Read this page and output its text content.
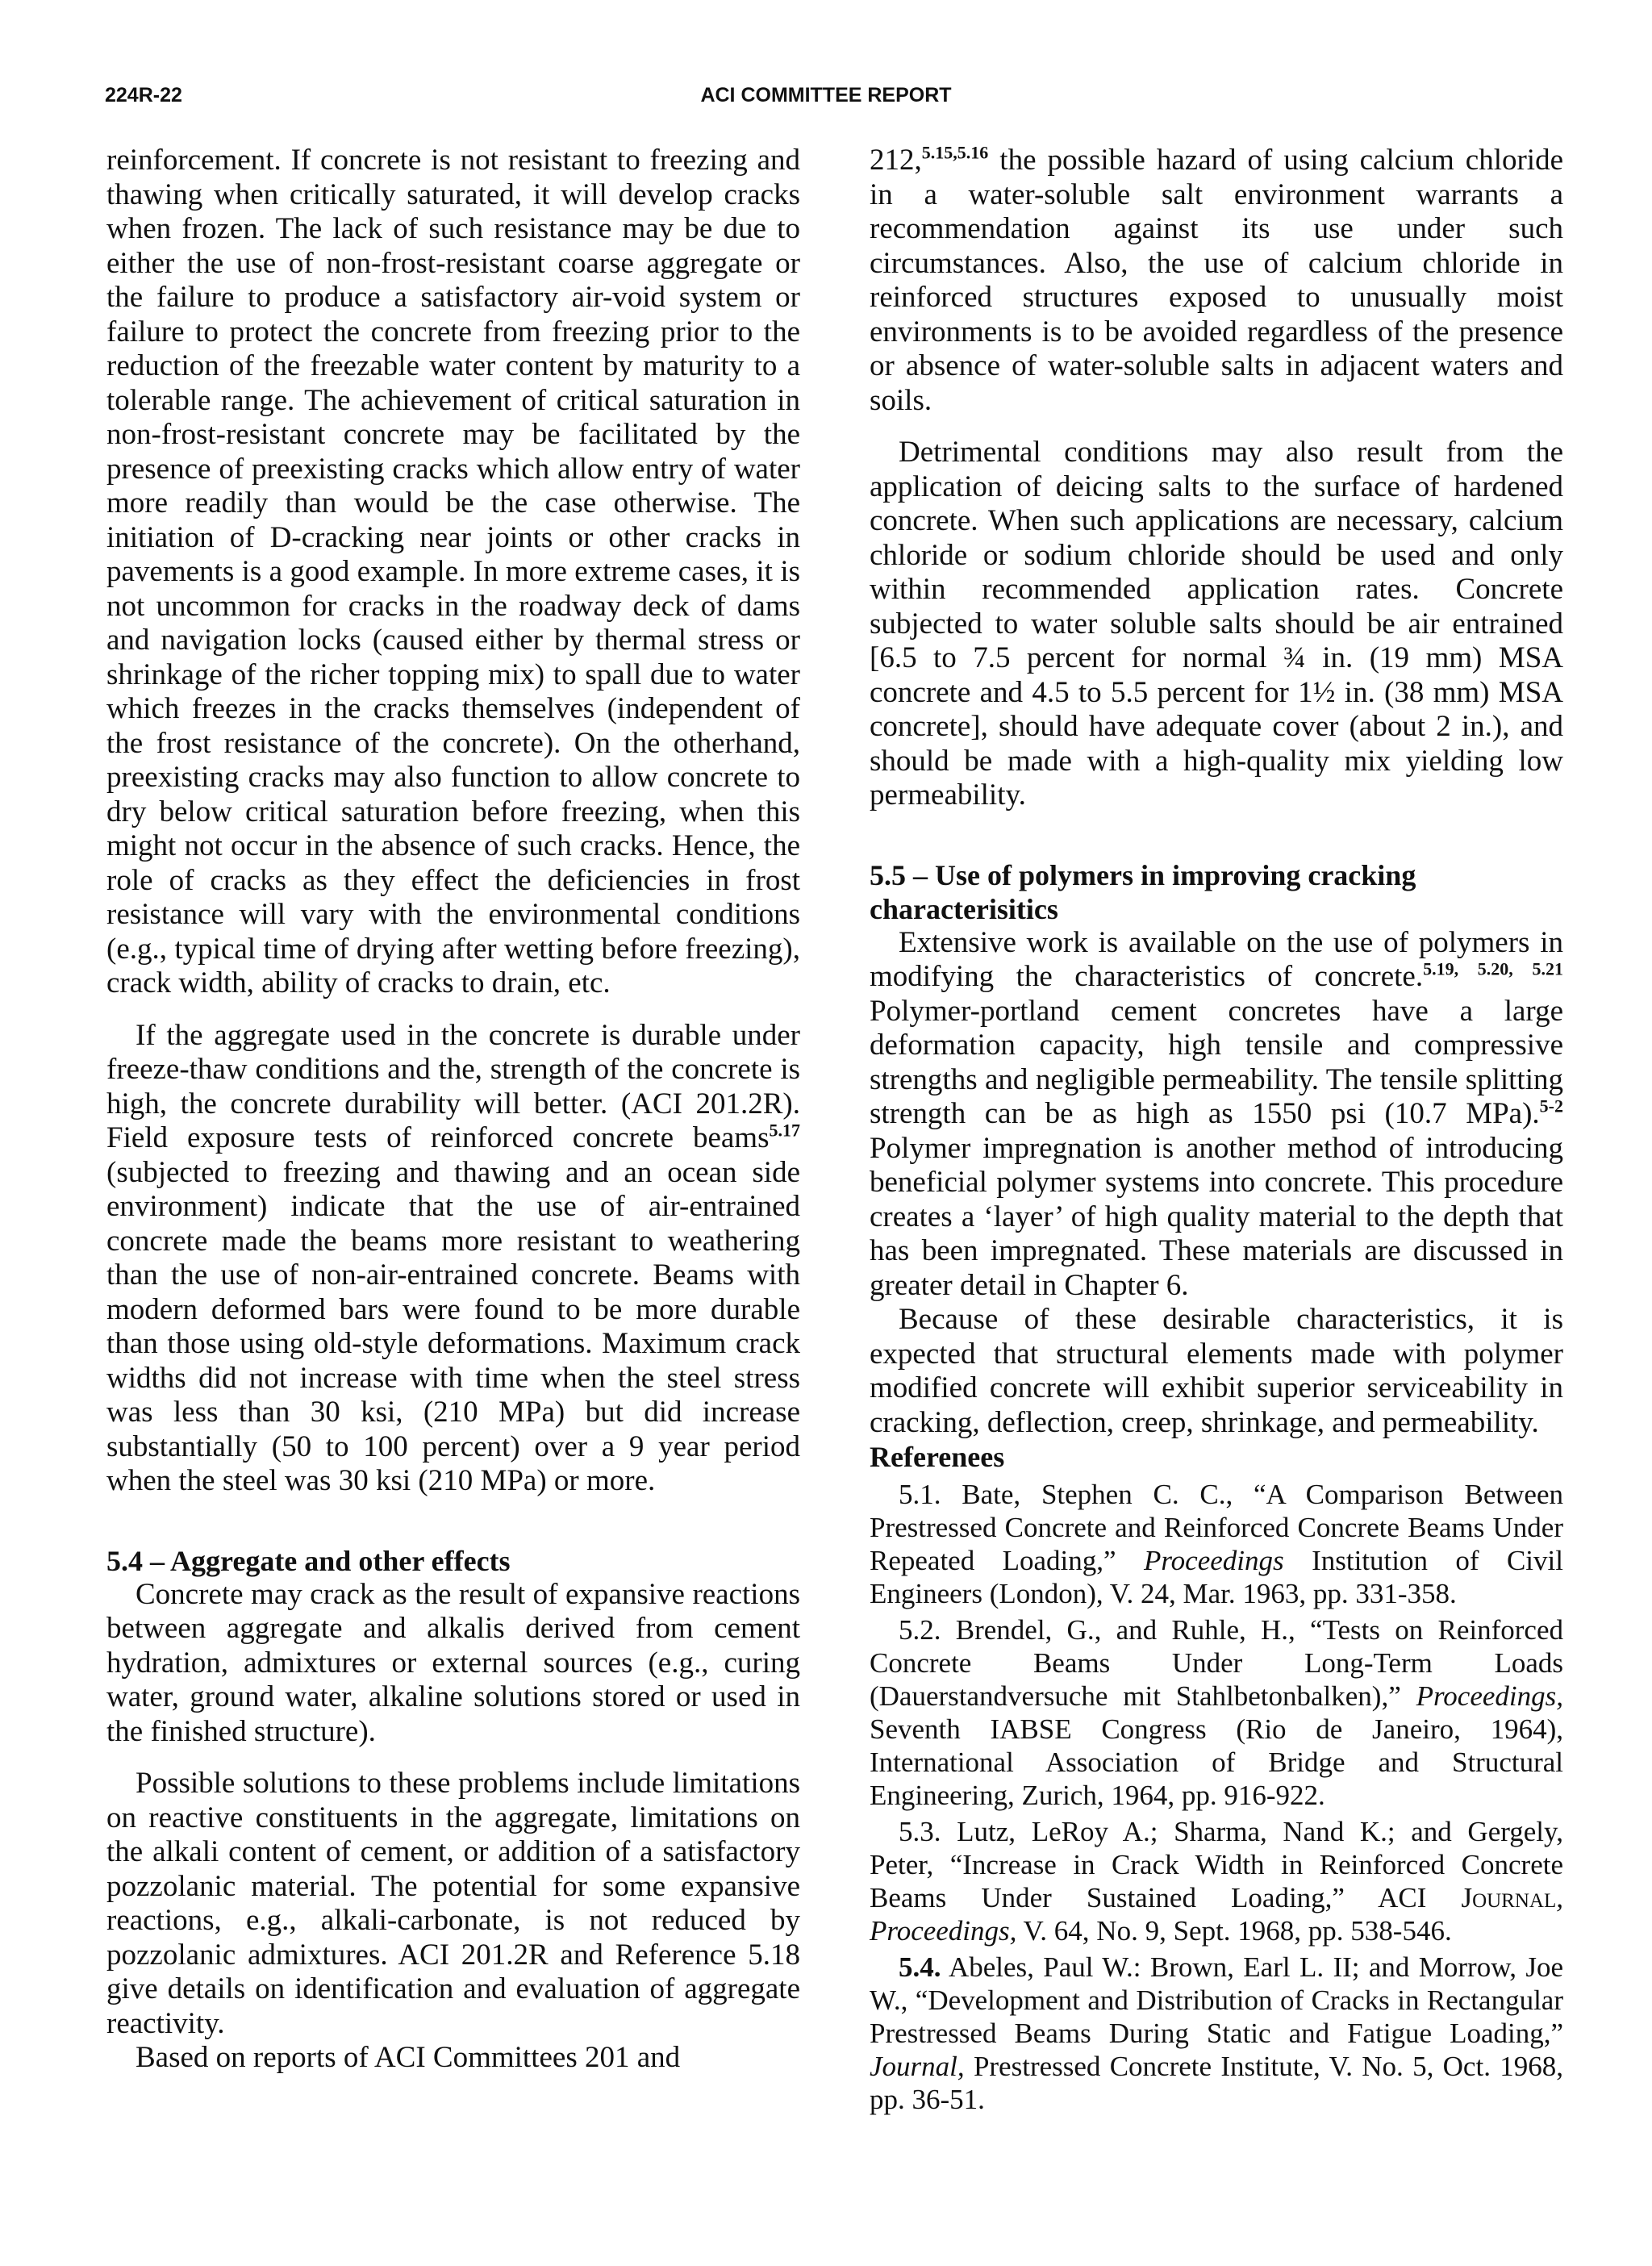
224R-22	ACI COMMITTEE REPORT

reinforcement. If concrete is not resistant to freezing and thawing when critically saturated, it will develop cracks when frozen. The lack of such resistance may be due to either the use of non-frost-resistant coarse aggregate or the failure to produce a satisfactory air-void system or failure to protect the concrete from freezing prior to the reduction of the freezable water content by maturity to a tolerable range. The achievement of critical saturation in non-frost-resistant concrete may be facilitated by the presence of preexisting cracks which allow entry of water more readily than would be the case otherwise. The initiation of D-cracking near joints or other cracks in pavements is a good example. In more extreme cases, it is not uncommon for cracks in the roadway deck of dams and navigation locks (caused either by thermal stress or shrinkage of the richer topping mix) to spall due to water which freezes in the cracks themselves (independent of the frost resistance of the concrete). On the otherhand, preexisting cracks may also function to allow concrete to dry below critical saturation before freezing, when this might not occur in the absence of such cracks. Hence, the role of cracks as they effect the deficiencies in frost resistance will vary with the environmental conditions (e.g., typical time of drying after wetting before freezing), crack width, ability of cracks to drain, etc.

If the aggregate used in the concrete is durable under freeze-thaw conditions and the, strength of the concrete is high, the concrete durability will better. (ACI 201.2R). Field exposure tests of reinforced concrete beams$^{5.17}$ (subjected to freezing and thawing and an ocean side environment) indicate that the use of air-entrained concrete made the beams more resistant to weathering than the use of non-air-entrained concrete. Beams with modern deformed bars were found to be more durable than those using old-style deformations. Maximum crack widths did not increase with time when the steel stress was less than 30 ksi, (210 MPa) but did increase substantially (50 to 100 percent) over a 9 year period when the steel was 30 ksi (210 MPa) or more.

5.4 – Aggregate and other effects

Concrete may crack as the result of expansive reactions between aggregate and alkalis derived from cement hydration, admixtures or external sources (e.g., curing water, ground water, alkaline solutions stored or used in the finished structure).

Possible solutions to these problems include limitations on reactive constituents in the aggregate, limitations on the alkali content of cement, or addition of a satisfactory pozzolanic material. The potential for some expansive reactions, e.g., alkali-carbonate, is not reduced by pozzolanic admixtures. ACI 201.2R and Reference 5.18 give details on identification and evaluation of aggregate reactivity.

Based on reports of ACI Committees 201 and

212,$^{5.15,5.16}$ the possible hazard of using calcium chloride in a water-soluble salt environment warrants a recommendation against its use under such circumstances. Also, the use of calcium chloride in reinforced structures exposed to unusually moist environments is to be avoided regardless of the presence or absence of water-soluble salts in adjacent waters and soils.

Detrimental conditions may also result from the application of deicing salts to the surface of hardened concrete. When such applications are necessary, calcium chloride or sodium chloride should be used and only within recommended application rates. Concrete subjected to water soluble salts should be air entrained [6.5 to 7.5 percent for normal ¾ in. (19 mm) MSA concrete and 4.5 to 5.5 percent for 1½ in. (38 mm) MSA concrete], should have adequate cover (about 2 in.), and should be made with a high-quality mix yielding low permeability.

5.5 – Use of polymers in improving cracking characterisitics

Extensive work is available on the use of polymers in modifying the characteristics of concrete.$^{5.19, 5.20, 5.21}$ Polymer-portland cement concretes have a large deformation capacity, high tensile and compressive strengths and negligible permeability. The tensile splitting strength can be as high as 1550 psi (10.7 MPa).$^{5-2}$ Polymer impregnation is another method of introducing beneficial polymer systems into concrete. This procedure creates a ‘layer’ of high quality material to the depth that has been impregnated. These materials are discussed in greater detail in Chapter 6.

Because of these desirable characteristics, it is expected that structural elements made with polymer modified concrete will exhibit superior serviceability in cracking, deflection, creep, shrinkage, and permeability.

Referenees

5.1. Bate, Stephen C. C., “A Comparison Between Prestressed Concrete and Reinforced Concrete Beams Under Repeated Loading,” Proceedings Institution of Civil Engineers (London), V. 24, Mar. 1963, pp. 331-358.

5.2. Brendel, G., and Ruhle, H., “Tests on Reinforced Concrete Beams Under Long-Term Loads (Dauerstandversuche mit Stahlbetonbalken),” Proceedings, Seventh IABSE Congress (Rio de Janeiro, 1964), International Association of Bridge and Structural Engineering, Zurich, 1964, pp. 916-922.

5.3. Lutz, LeRoy A.; Sharma, Nand K.; and Gergely, Peter, “Increase in Crack Width in Reinforced Concrete Beams Under Sustained Loading,” ACI Journal, Proceedings, V. 64, No. 9, Sept. 1968, pp. 538-546.

5.4. Abeles, Paul W.: Brown, Earl L. II; and Morrow, Joe W., “Development and Distribution of Cracks in Rectangular Prestressed Beams During Static and Fatigue Loading,” Journal, Prestressed Concrete Institute, V. No. 5, Oct. 1968, pp. 36-51.
